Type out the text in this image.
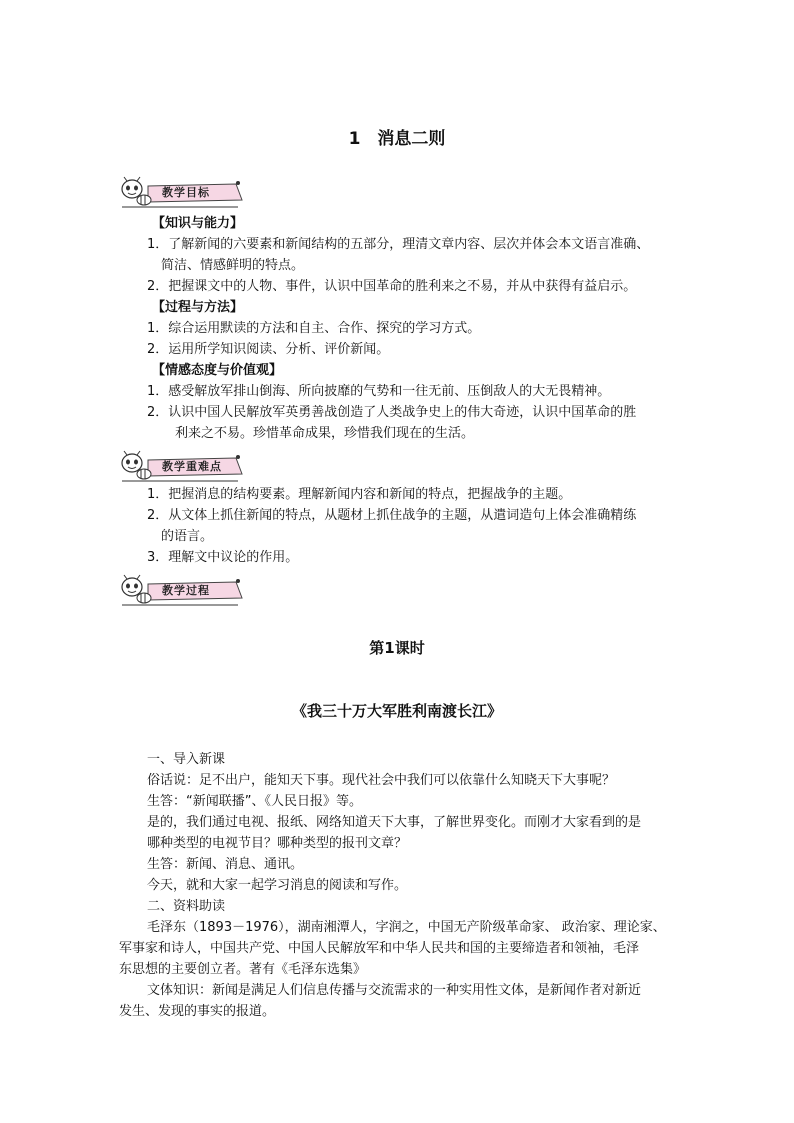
1　消息二则
教学目标
【知识与能力】
1．了解新闻的六要素和新闻结构的五部分，理清文章内容、层次并体会本文语言准确、
简洁、情感鲜明的特点。
2．把握课文中的人物、事件，认识中国革命的胜利来之不易，并从中获得有益启示。
【过程与方法】
1．综合运用默读的方法和自主、合作、探究的学习方式。
2．运用所学知识阅读、分析、评价新闻。
【情感态度与价值观】
1．感受解放军排山倒海、所向披靡的气势和一往无前、压倒敌人的大无畏精神。
2．认识中国人民解放军英勇善战创造了人类战争史上的伟大奇迹，认识中国革命的胜
利来之不易。珍惜革命成果，珍惜我们现在的生活。
教学重难点
1．把握消息的结构要素。理解新闻内容和新闻的特点，把握战争的主题。
2．从文体上抓住新闻的特点，从题材上抓住战争的主题，从遣词造句上体会准确精练
的语言。
3．理解文中议论的作用。
教学过程
第1课时
《我三十万大军胜利南渡长江》
一、导入新课
俗话说：足不出户，能知天下事。现代社会中我们可以依靠什么知晓天下大事呢？
生答：“新闻联播”、《人民日报》等。
是的，我们通过电视、报纸、网络知道天下大事，了解世界变化。而刚才大家看到的是
哪种类型的电视节目？哪种类型的报刊文章？
生答：新闻、消息、通讯。
今天，就和大家一起学习消息的阅读和写作。
二、资料助读
毛泽东（1893－1976），湖南湘潭人，字润之，中国无产阶级革命家、 政治家、理论家、
军事家和诗人，中国共产党、中国人民解放军和中华人民共和国的主要缔造者和领袖，毛泽
东思想的主要创立者。著有《毛泽东选集》
文体知识：新闻是满足人们信息传播与交流需求的一种实用性文体，是新闻作者对新近
发生、发现的事实的报道。
